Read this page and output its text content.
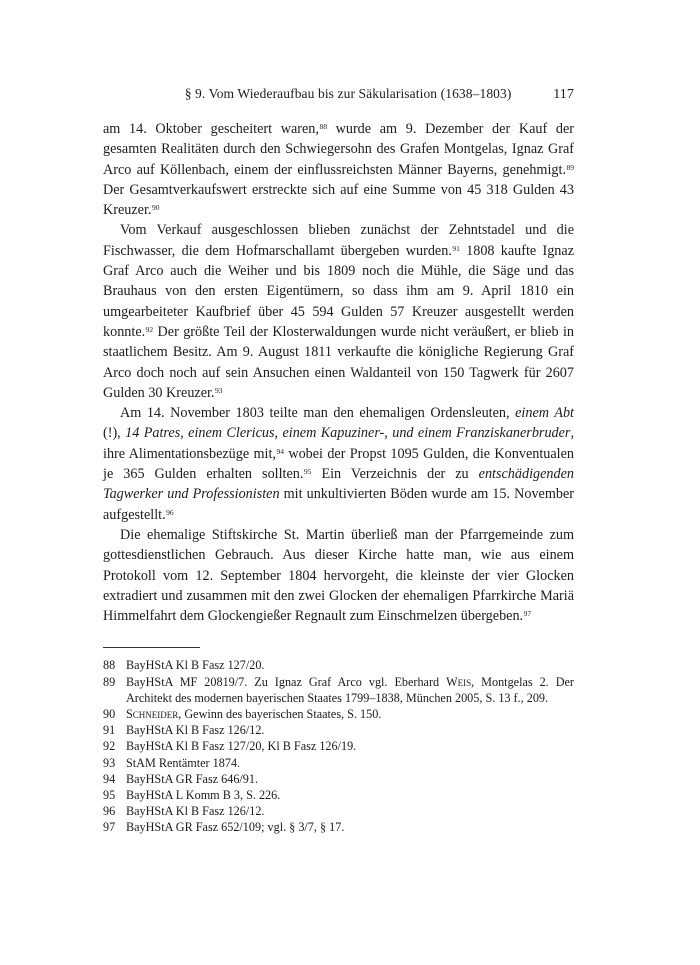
§ 9. Vom Wiederaufbau bis zur Säkularisation (1638–1803)	117

am 14. Oktober gescheitert waren,$^{88}$ wurde am 9. Dezember der Kauf der gesamten Realitäten durch den Schwiegersohn des Grafen Montgelas, Ignaz Graf Arco auf Köllenbach, einem der einflussreichsten Männer Bayerns, genehmigt.$^{89}$ Der Gesamtverkaufswert erstreckte sich auf eine Summe von 45 318 Gulden 43 Kreuzer.$^{90}$

Vom Verkauf ausgeschlossen blieben zunächst der Zehntstadel und die Fischwasser, die dem Hofmarschallamt übergeben wurden.$^{91}$ 1808 kaufte Ignaz Graf Arco auch die Weiher und bis 1809 noch die Mühle, die Säge und das Brauhaus von den ersten Eigentümern, so dass ihm am 9. April 1810 ein umgearbeiteter Kaufbrief über 45 594 Gulden 57 Kreuzer ausgestellt werden konnte.$^{92}$ Der größte Teil der Klosterwaldungen wurde nicht veräußert, er blieb in staatlichem Besitz. Am 9. August 1811 verkaufte die königliche Regierung Graf Arco doch noch auf sein Ansuchen einen Waldanteil von 150 Tagwerk für 2607 Gulden 30 Kreuzer.$^{93}$

Am 14. November 1803 teilte man den ehemaligen Ordensleuten, einem Abt (!), 14 Patres, einem Clericus, einem Kapuziner-, und einem Franziskanerbruder, ihre Alimentationsbezüge mit,$^{94}$ wobei der Propst 1095 Gulden, die Konventualen je 365 Gulden erhalten sollten.$^{95}$ Ein Verzeichnis der zu entschädigenden Tagwerker und Professionisten mit unkultivierten Böden wurde am 15. November aufgestellt.$^{96}$

Die ehemalige Stiftskirche St. Martin überließ man der Pfarrgemeinde zum gottesdienstlichen Gebrauch. Aus dieser Kirche hatte man, wie aus einem Protokoll vom 12. September 1804 hervorgeht, die kleinste der vier Glocken extradiert und zusammen mit den zwei Glocken der ehemaligen Pfarrkirche Mariä Himmelfahrt dem Glockengießer Regnault zum Einschmelzen übergeben.$^{97}$

88 BayHStA Kl B Fasz 127/20.
89 BayHStA MF 20819/7. Zu Ignaz Graf Arco vgl. Eberhard Weis, Montgelas 2. Der Architekt des modernen bayerischen Staates 1799–1838, München 2005, S. 13 f., 209.
90 Schneider, Gewinn des bayerischen Staates, S. 150.
91 BayHStA Kl B Fasz 126/12.
92 BayHStA Kl B Fasz 127/20, Kl B Fasz 126/19.
93 StAM Rentämter 1874.
94 BayHStA GR Fasz 646/91.
95 BayHStA L Komm B 3, S. 226.
96 BayHStA Kl B Fasz 126/12.
97 BayHStA GR Fasz 652/109; vgl. § 3/7, § 17.
